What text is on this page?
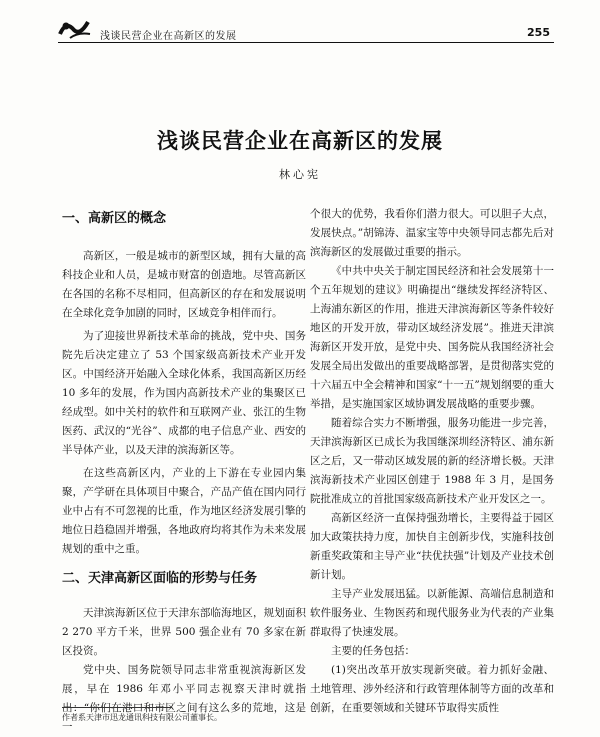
浅谈民营企业在高新区的发展	255
浅谈民营企业在高新区的发展
林心宪
一、高新区的概念

高新区，一般是城市的新型区域，拥有大量的高科技企业和人员，是城市财富的创造地。尽管高新区在各国的名称不尽相同，但高新区的存在和发展说明在全球化竞争加剧的同时，区域竞争相伴而行。

为了迎接世界新技术革命的挑战，党中央、国务院先后决定建立了 53 个国家级高新技术产业开发区。中国经济开始融入全球化体系，我国高新区历经 10 多年的发展，作为国内高新技术产业的集聚区已经成型。如中关村的软件和互联网产业、张江的生物医药、武汉的“光谷”、成都的电子信息产业、西安的半导体产业，以及天津的滨海新区等。

在这些高新区内，产业的上下游在专业园内集聚，产学研在具体项目中聚合，产品产值在国内同行业中占有不可忽视的比重，作为地区经济发展引擎的地位日趋稳固并增强，各地政府均将其作为未来发展规划的重中之重。

二、天津高新区面临的形势与任务

天津滨海新区位于天津东部临海地区，规划面积 2 270 平方千米，世界 500 强企业有 70 多家在新区投资。

党中央、国务院领导同志非常重视滨海新区发展，早在 1986 年邓小平同志视察天津时就指出：“你们在港口和市区之间有这么多的荒地，这是一

个很大的优势，我看你们潜力很大。可以胆子大点，发展快点。”胡锦涛、温家宝等中央领导同志都先后对滨海新区的发展做过重要的指示。

《中共中央关于制定国民经济和社会发展第十一个五年规划的建议》明确提出“继续发挥经济特区、上海浦东新区的作用，推进天津滨海新区等条件较好地区的开发开放，带动区域经济发展”。推进天津滨海新区开发开放，是党中央、国务院从我国经济社会发展全局出发做出的重要战略部署，是贯彻落实党的十六届五中全会精神和国家“十一五”规划纲要的重大举措，是实施国家区域协调发展战略的重要步骤。

随着综合实力不断增强，服务功能进一步完善，天津滨海新区已成长为我国继深圳经济特区、浦东新区之后，又一带动区域发展的新的经济增长极。天津滨海新技术产业园区创建于 1988 年 3 月，是国务院批准成立的首批国家级高新技术产业开发区之一。

高新区经济一直保持强劲增长，主要得益于园区加大政策扶持力度，加快自主创新步伐，实施科技创新重奖政策和主导产业“扶优扶强”计划及产业技术创新计划。

主导产业发展迅猛。以新能源、高端信息制造和软件服务业、生物医药和现代服务业为代表的产业集群取得了快速发展。

主要的任务包括：

(1)突出改革开放实现新突破。着力抓好金融、土地管理、涉外经济和行政管理体制等方面的改革和创新，在重要领域和关键环节取得实质性

作者系天津市迅龙通讯科技有限公司董事长。
